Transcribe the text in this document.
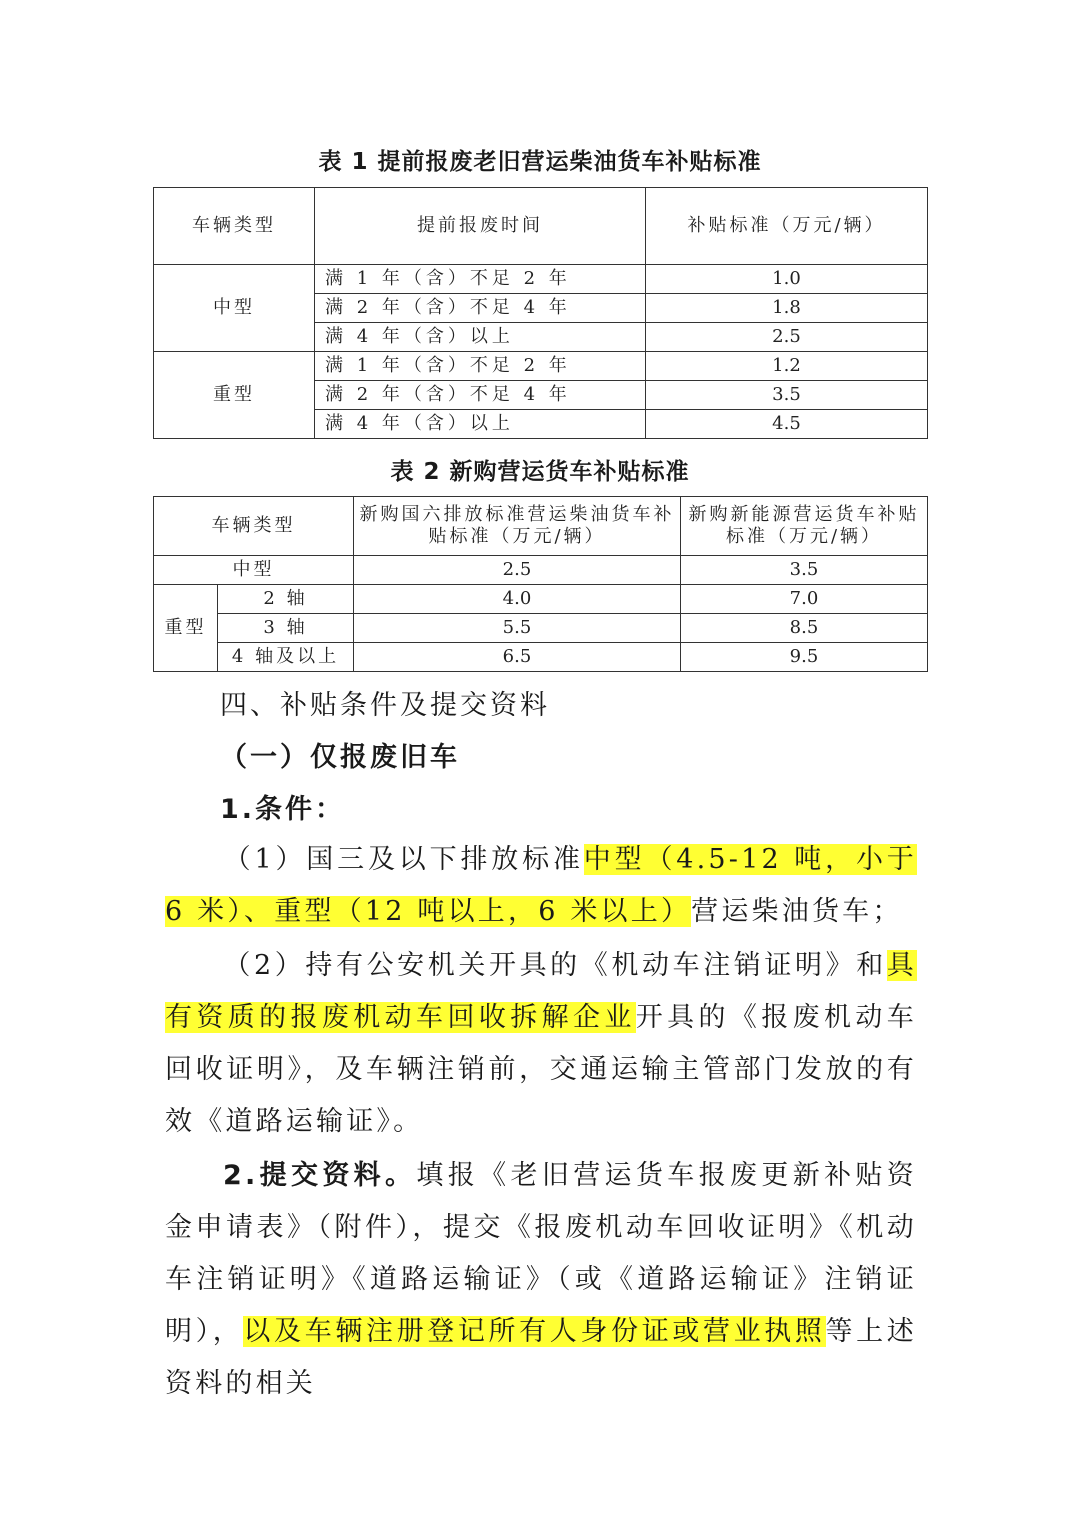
表 1 提前报废老旧营运柴油货车补贴标准
车辆类型	提前报废时间	补贴标准（万元/辆）
中型	满 1 年（含）不足 2 年	1.0
	满 2 年（含）不足 4 年	1.8
	满 4 年（含）以上	2.5
重型	满 1 年（含）不足 2 年	1.2
	满 2 年（含）不足 4 年	3.5
	满 4 年（含）以上	4.5
表 2 新购营运货车补贴标准
车辆类型		新购国六排放标准营运柴油货车补贴标准（万元/辆）	新购新能源营运货车补贴标准（万元/辆）
中型		2.5	3.5
重型	2 轴	4.0	7.0
	3 轴	5.5	8.5
	4 轴及以上	6.5	9.5
四、补贴条件及提交资料
（一）仅报废旧车
1.条件：
（1）国三及以下排放标准中型（4.5-12 吨，小于 6 米）、重型（12 吨以上，6 米以上）营运柴油货车；
（2）持有公安机关开具的《机动车注销证明》和具有资质的报废机动车回收拆解企业开具的《报废机动车回收证明》，及车辆注销前，交通运输主管部门发放的有效《道路运输证》。
2.提交资料。填报《老旧营运货车报废更新补贴资金申请表》（附件），提交《报废机动车回收证明》《机动车注销证明》《道路运输证》（或《道路运输证》注销证明），以及车辆注册登记所有人身份证或营业执照等上述资料的相关
